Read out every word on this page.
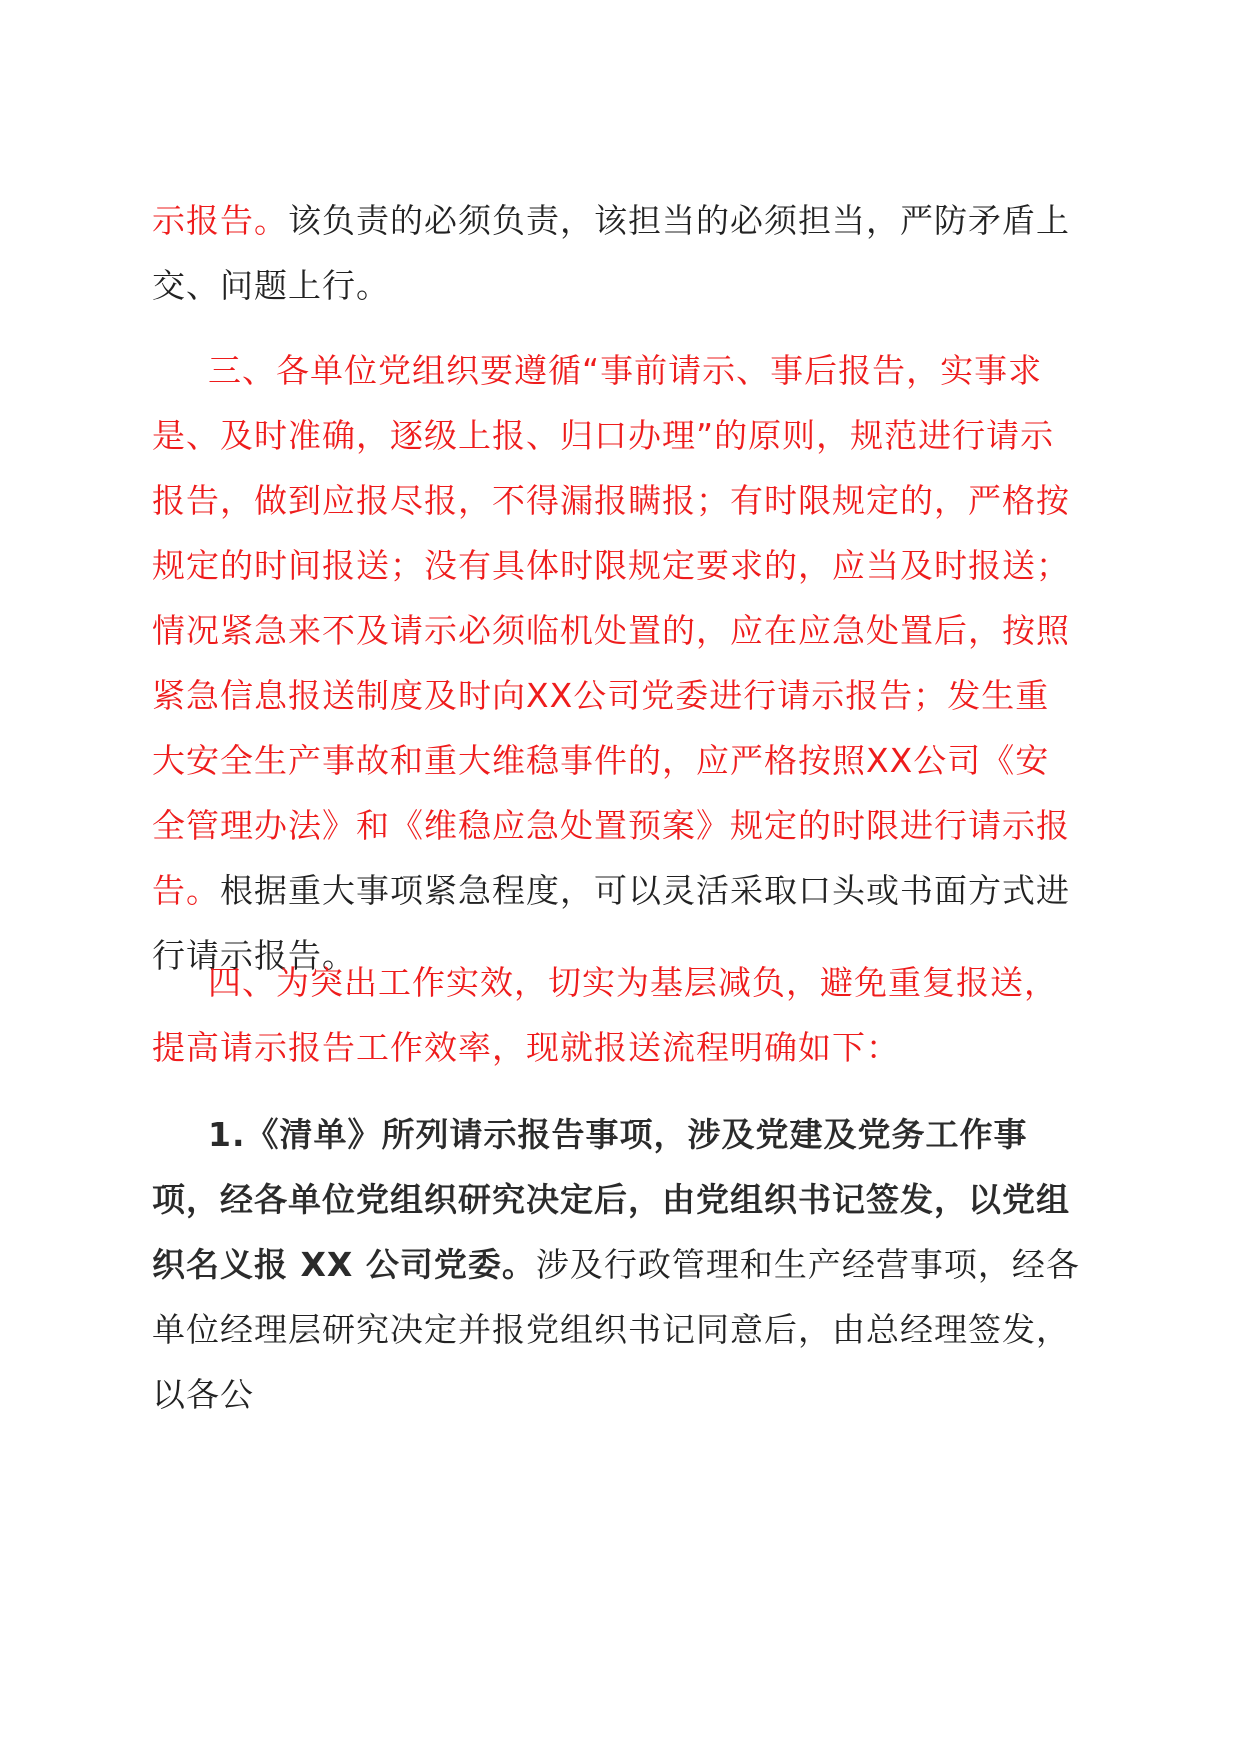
示报告。该负责的必须负责，该担当的必须担当，严防矛盾上交、问题上行。

三、各单位党组织要遵循“事前请示、事后报告，实事求是、及时准确，逐级上报、归口办理”的原则，规范进行请示报告，做到应报尽报，不得漏报瞒报；有时限规定的，严格按规定的时间报送；没有具体时限规定要求的，应当及时报送；情况紧急来不及请示必须临机处置的，应在应急处置后，按照紧急信息报送制度及时向XX公司党委进行请示报告；发生重大安全生产事故和重大维稳事件的，应严格按照XX公司《安全管理办法》和《维稳应急处置预案》规定的时限进行请示报告。根据重大事项紧急程度，可以灵活采取口头或书面方式进行请示报告。

四、为突出工作实效，切实为基层减负，避免重复报送，提高请示报告工作效率，现就报送流程明确如下：

1.《清单》所列请示报告事项，涉及党建及党务工作事项，经各单位党组织研究决定后，由党组织书记签发，以党组织名义报 XX 公司党委。涉及行政管理和生产经营事项，经各单位经理层研究决定并报党组织书记同意后，由总经理签发，以各公
